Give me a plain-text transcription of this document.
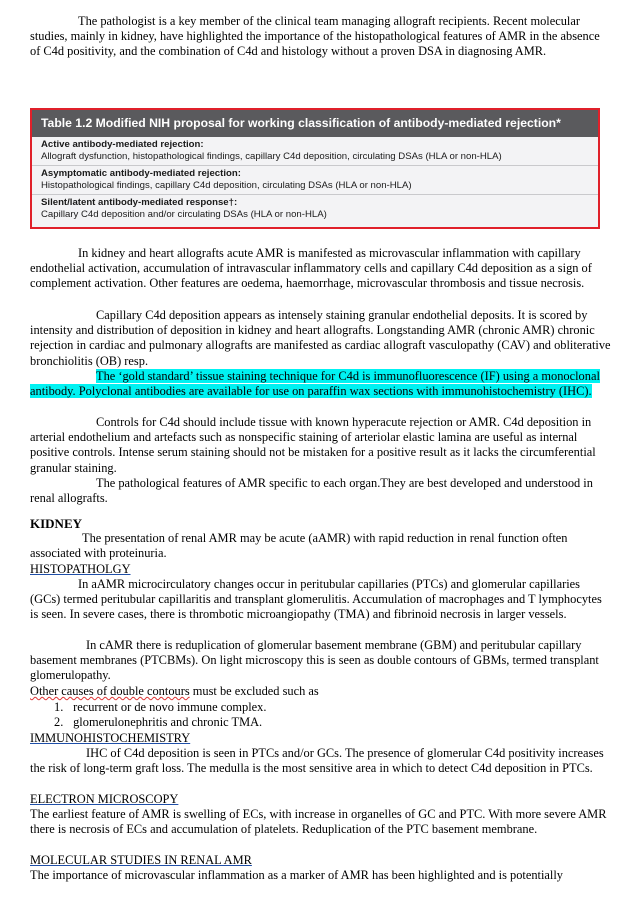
The pathologist is a key member of the clinical team managing allograft recipients. Recent molecular studies, mainly in kidney, have highlighted the importance of the histopathological features of AMR in the absence of C4d positivity, and the combination of C4d and histology without a proven DSA in diagnosing AMR.

Table 1.2 Modified NIH proposal for working classification of antibody-mediated rejection*
Active antibody-mediated rejection:
Allograft dysfunction, histopathological findings, capillary C4d deposition, circulating DSAs (HLA or non-HLA)
Asymptomatic antibody-mediated rejection:
Histopathological findings, capillary C4d deposition, circulating DSAs (HLA or non-HLA)
Silent/latent antibody-mediated response†:
Capillary C4d deposition and/or circulating DSAs (HLA or non-HLA)

In kidney and heart allografts acute AMR is manifested as microvascular inflammation with capillary endothelial activation, accumulation of intravascular inflammatory cells and capillary C4d deposition as a sign of complement activation. Other features are oedema, haemorrhage, microvascular thrombosis and tissue necrosis.

Capillary C4d deposition appears as intensely staining granular endothelial deposits. It is scored by intensity and distribution of deposition in kidney and heart allografts. Longstanding AMR (chronic AMR) chronic rejection in cardiac and pulmonary allografts are manifested as cardiac allograft vasculopathy (CAV) and obliterative bronchiolitis (OB) resp.

The ‘gold standard’ tissue staining technique for C4d is immunofluorescence (IF) using a monoclonal antibody. Polyclonal antibodies are available for use on paraffin wax sections with immunohistochemistry (IHC).

Controls for C4d should include tissue with known hyperacute rejection or AMR. C4d deposition in arterial endothelium and artefacts such as nonspecific staining of arteriolar elastic lamina are useful as internal positive controls. Intense serum staining should not be mistaken for a positive result as it lacks the circumferential granular staining.

The pathological features of AMR specific to each organ.They are best developed and understood in renal allografts.

KIDNEY

The presentation of renal AMR may be acute (aAMR) with rapid reduction in renal function often associated with proteinuria.

HISTOPATHOLGY

In aAMR microcirculatory changes occur in peritubular capillaries (PTCs) and glomerular capillaries (GCs) termed peritubular capillaritis and transplant glomerulitis. Accumulation of macrophages and T lymphocytes is seen. In severe cases, there is thrombotic microangiopathy (TMA) and fibrinoid necrosis in larger vessels.

In cAMR there is reduplication of glomerular basement membrane (GBM) and peritubular capillary basement membranes (PTCBMs). On light microscopy this is seen as double contours of GBMs, termed transplant glomerulopathy.

Other causes of double contours must be excluded such as

1. recurrent or de novo immune complex.
2. glomerulonephritis and chronic TMA.

IMMUNOHISTOCHEMISTRY

IHC of C4d deposition is seen in PTCs and/or GCs. The presence of glomerular C4d positivity increases the risk of long-term graft loss. The medulla is the most sensitive area in which to detect C4d deposition in PTCs.

ELECTRON MICROSCOPY

The earliest feature of AMR is swelling of ECs, with increase in organelles of GC and PTC. With more severe AMR there is necrosis of ECs and accumulation of platelets. Reduplication of the PTC basement membrane.

MOLECULAR STUDIES IN RENAL AMR

The importance of microvascular inflammation as a marker of AMR has been highlighted and is potentially
